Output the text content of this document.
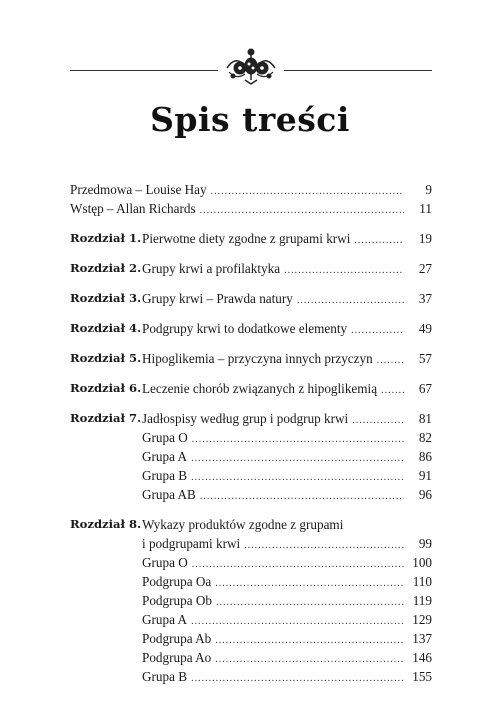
Spis treści
Przedmowa – Louise Hay .....	9
Wstęp – Allan Richards .....	11
Rozdział 1. Pierwotne diety zgodne z grupami krwi .....	19
Rozdział 2. Grupy krwi a profilaktyka .....	27
Rozdział 3. Grupy krwi – Prawda natury .....	37
Rozdział 4. Podgrupy krwi to dodatkowe elementy .....	49
Rozdział 5. Hipoglikemia – przyczyna innych przyczyn .....	57
Rozdział 6. Leczenie chorób związanych z hipoglikemią .....	67
Rozdział 7. Jadłospisy według grup i podgrup krwi .....	81
Grupa O .....	82
Grupa A .....	86
Grupa B .....	91
Grupa AB .....	96
Rozdział 8. Wykazy produktów zgodne z grupami
i podgrupami krwi .....	99
Grupa O .....	100
Podgrupa Oa .....	110
Podgrupa Ob .....	119
Grupa A .....	129
Podgrupa Ab .....	137
Podgrupa Ao .....	146
Grupa B .....	155
